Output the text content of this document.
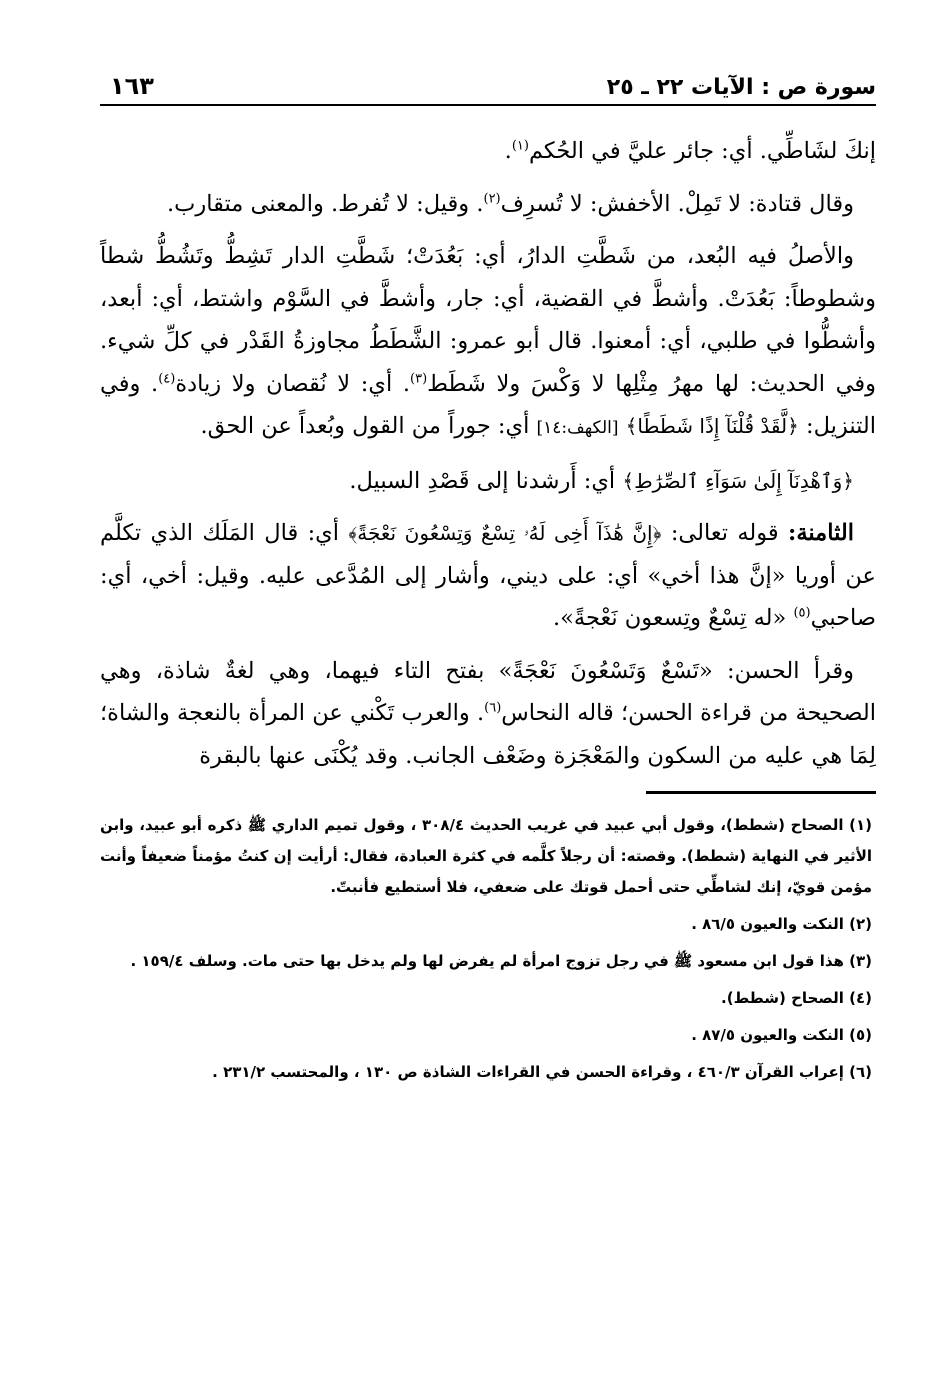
سورة ص : الآيات ٢٢ ـ ٢٥
١٦٣

إنكَ لشَاطِّي. أي: جائر عليَّ في الحُكم$^{(١)}$.

وقال قتادة: لا تَمِلْ. الأخفش: لا تُسرِف$^{(٢)}$. وقيل: لا تُفرط. والمعنى متقارب.

والأصلُ فيه البُعد، من شَطَّتِ الدارُ، أي: بَعُدَتْ؛ شَطَّتِ الدار تَشِطُّ وتَشُطُّ شطاً وشطوطاً: بَعُدَتْ. وأشطَّ في القضية، أي: جار، وأشطَّ في السَّوْم واشتط، أي: أبعد، وأشطُّوا في طلبي، أي: أمعنوا. قال أبو عمرو: الشَّطَطُ مجاوزةُ القَدْر في كلِّ شيء. وفي الحديث: لها مهرُ مِثْلِها لا وَكْسَ ولا شَطَط$^{(٣)}$. أي: لا نُقصان ولا زيادة$^{(٤)}$. وفي التنزيل: ﴿لَّقَدْ قُلْنَآ إِذًا شَطَطًا﴾ [الكهف:١٤] أي: جوراً من القول وبُعداً عن الحق.

﴿وَٱهْدِنَآ إِلَىٰ سَوَآءِ ٱلصِّرَٰطِ﴾ أي: أَرشدنا إلى قَصْدِ السبيل.

الثامنة: قوله تعالى: ﴿إِنَّ هَٰذَآ أَخِى لَهُۥ تِسْعٌ وَتِسْعُونَ نَعْجَةً﴾ أي: قال المَلَك الذي تكلَّم عن أوريا «إنَّ هذا أخي» أي: على ديني، وأشار إلى المُدَّعى عليه. وقيل: أخي، أي: صاحبي$^{(٥)}$ «له تِسْعٌ وتِسعون نَعْجةً».

وقرأ الحسن: «تَسْعٌ وَتَسْعُونَ نَعْجَةً» بفتح التاء فيهما، وهي لغةٌ شاذة، وهي الصحيحة من قراءة الحسن؛ قاله النحاس$^{(٦)}$. والعرب تَكْني عن المرأة بالنعجة والشاة؛ لِمَا هي عليه من السكون والمَعْجَزة وضَعْف الجانب. وقد يُكْنَى عنها بالبقرة

(١) الصحاح (شطط)، وقول أبي عبيد في غريب الحديث ٣٠٨/٤ ، وقول تميم الداري ﷺ ذكره أبو عبيد، وابن الأثير في النهاية (شطط). وقصته: أن رجلاً كلَّمه في كثرة العبادة، فقال: أرأيت إن كنتُ مؤمناً ضعيفاً وأنت مؤمن قويّ، إنك لشاطِّي حتى أحمل قوتك على ضعفي، فلا أستطيع فأنبتّ.

(٢) النكت والعيون ٨٦/٥ .

(٣) هذا قول ابن مسعود ﷺ في رجل تزوج امرأة لم يفرض لها ولم يدخل بها حتى مات. وسلف ١٥٩/٤ .

(٤) الصحاح (شطط).

(٥) النكت والعيون ٨٧/٥ .

(٦) إعراب القرآن ٤٦٠/٣ ، وقراءة الحسن في القراءات الشاذة ص ١٣٠ ، والمحتسب ٢٣١/٢ .
